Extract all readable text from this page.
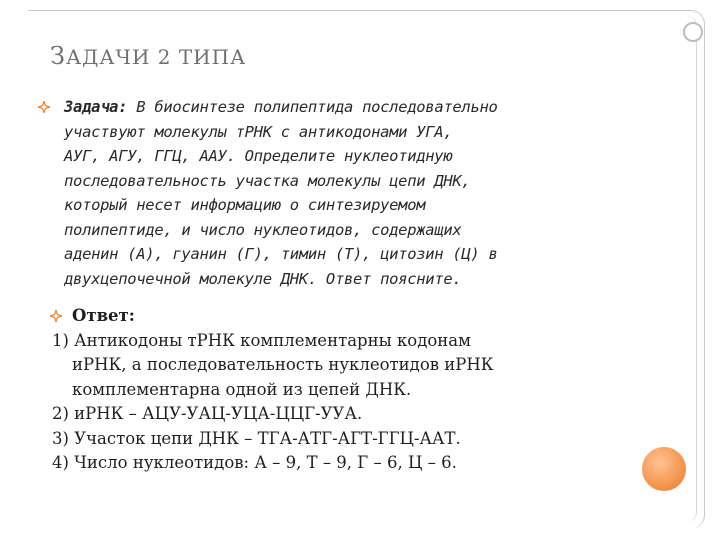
ЗАДАЧИ 2 ТИПА
Задача: В биосинтезе полипептида последовательно
участвуют молекулы тРНК с антикодонами УГА,
АУГ, АГУ, ГГЦ, ААУ. Определите нуклеотидную
последовательность участка молекулы цепи ДНК,
который несет информацию о синтезируемом
полипептиде, и число нуклеотидов, содержащих
аденин (А), гуанин (Г), тимин (Т), цитозин (Ц) в
двухцепочечной молекуле ДНК. Ответ поясните.
Ответ:
1) Антикодоны тРНК комплементарны кодонам
иРНК, а последовательность нуклеотидов иРНК
комплементарна одной из цепей ДНК.
2) иРНК – АЦУ-УАЦ-УЦА-ЦЦГ-УУА.
3) Участок цепи ДНК – ТГА-АТГ-АГТ-ГГЦ-ААТ.
4) Число нуклеотидов: А – 9, Т – 9, Г – 6, Ц – 6.
